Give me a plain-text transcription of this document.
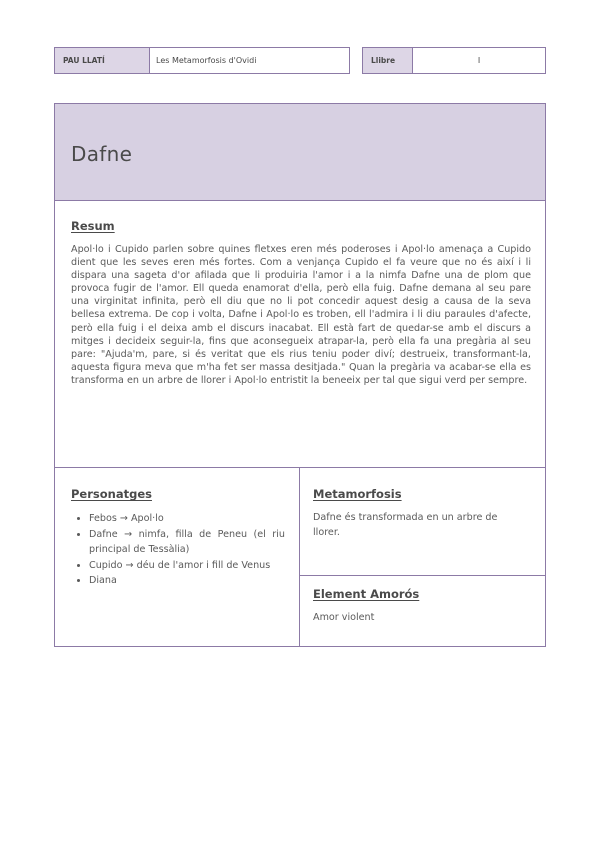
PAU LLATÍ	Les Metamorfosis d'Ovidi	Llibre	I
Dafne
Resum

Apol·lo i Cupido parlen sobre quines fletxes eren més poderoses i Apol·lo amenaça a Cupido dient que les seves eren més fortes. Com a venjança Cupido el fa veure que no és així i li dispara una sageta d'or afilada que li produiria l'amor i a la nimfa Dafne una de plom que provoca fugir de l'amor. Ell queda enamorat d'ella, però ella fuig. Dafne demana al seu pare una virginitat infinita, però ell diu que no li pot concedir aquest desig a causa de la seva bellesa extrema. De cop i volta, Dafne i Apol·lo es troben, ell l'admira i li diu paraules d'afecte, però ella fuig i el deixa amb el discurs inacabat. Ell està fart de quedar-se amb el discurs a mitges i decideix seguir-la, fins que aconsegueix atrapar-la, però ella fa una pregària al seu pare: "Ajuda'm, pare, si és veritat que els rius teniu poder diví; destrueix, transformant-la, aquesta figura meva que m'ha fet ser massa desitjada." Quan la pregària va acabar-se ella es transforma en un arbre de llorer i Apol·lo entristit la beneeix per tal que sigui verd per sempre.

Personatges
• Febos → Apol·lo
• Dafne → nimfa, filla de Peneu (el riu principal de Tessàlia)
• Cupido → déu de l'amor i fill de Venus
• Diana
Metamorfosis

Dafne és transformada en un arbre de llorer.

Element Amorós

Amor violent
